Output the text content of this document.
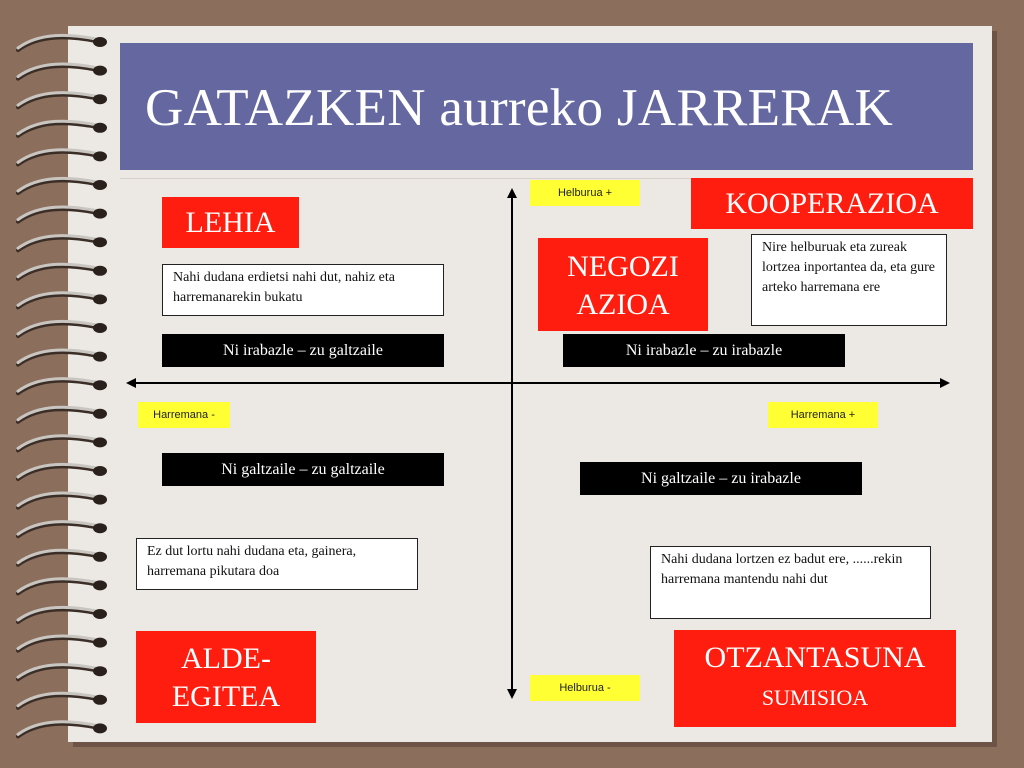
GATAZKEN aurreko JARRERAK
Helburua +
Helburua -
Harremana -	Harremana +
LEHIA
KOOPERAZIOA
NEGOZI
AZIOA
ALDE-
EGITEA
OTZANTASUNA
SUMISIOA
Nahi dudana erdietsi nahi dut, nahiz eta harremanarekin bukatu
Nire helburuak eta zureak lortzea inportantea da, eta gure arteko harremana ere
Ez dut lortu nahi dudana eta, gainera, harremana pikutara doa
Nahi dudana lortzen ez badut ere, ......rekin harremana mantendu nahi dut
Ni irabazle – zu galtzaile	Ni irabazle – zu irabazle
Ni galtzaile – zu galtzaile
Ni galtzaile – zu irabazle
